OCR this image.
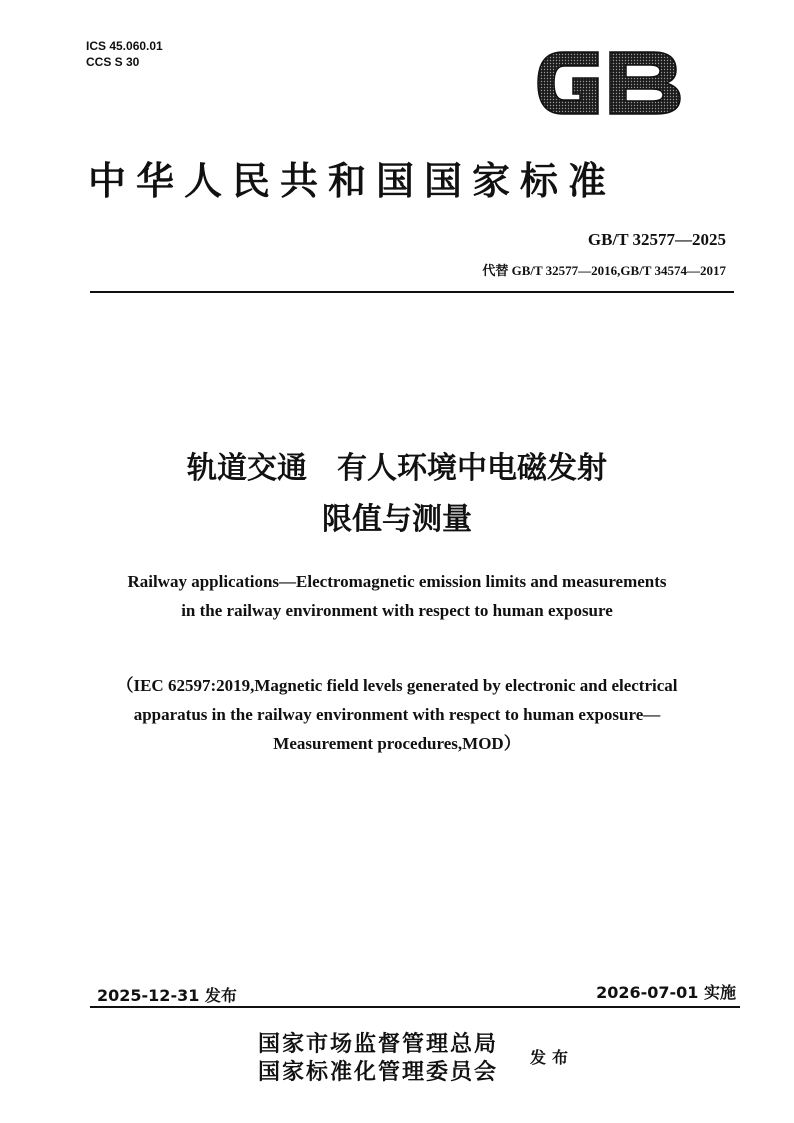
ICS 45.060.01
CCS S 30
中华人民共和国国家标准
GB/T 32577—2025
代替 GB/T 32577—2016,GB/T 34574—2017
轨道交通　有人环境中电磁发射
限值与测量
Railway applications—Electromagnetic emission limits and measurements
in the railway environment with respect to human exposure
（IEC 62597:2019,Magnetic field levels generated by electronic and electrical
apparatus in the railway environment with respect to human exposure—
Measurement procedures,MOD）
2025-12-31 发布	2026-07-01 实施
国家市场监督管理总局
国家标准化管理委员会
发布
